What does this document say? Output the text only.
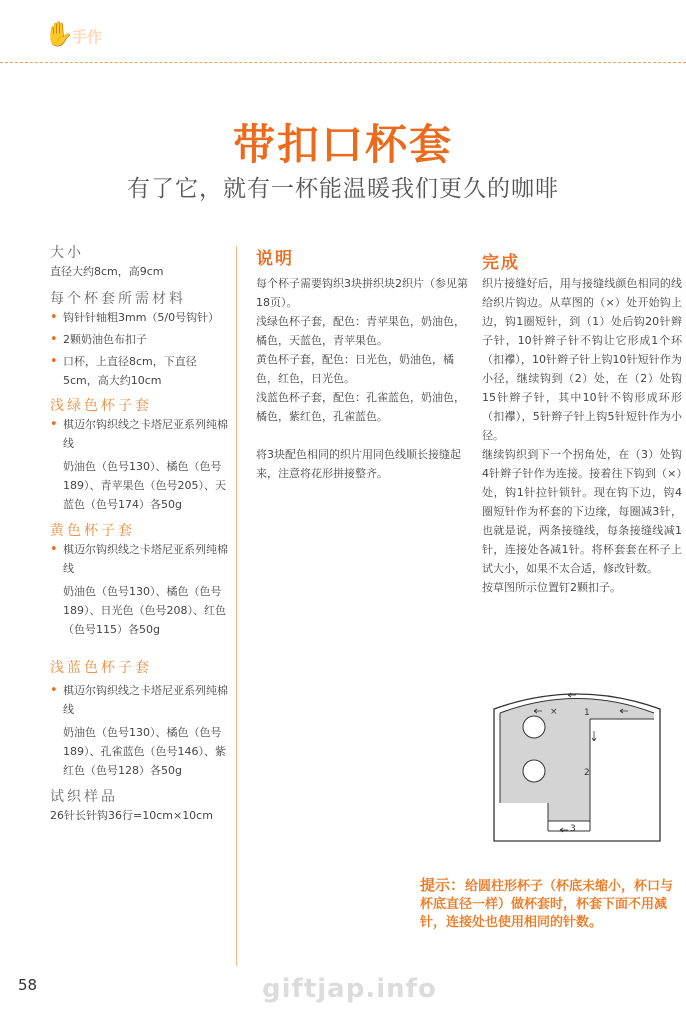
✋
手作
带扣口杯套
有了它，就有一杯能温暖我们更久的咖啡

大小

直径大约8cm，高9cm

每个杯套所需材料

• 钩针针轴粗3mm（5/0号钩针）

• 2颗奶油色布扣子

• 口杯，上直径8cm，下直径5cm，高大约10cm

浅绿色杯子套

• 棋迈尔钩织线之卡塔尼亚系列纯棉线

奶油色（色号130）、橘色（色号189）、青苹果色（色号205）、天蓝色（色号174）各50g

黄色杯子套

• 棋迈尔钩织线之卡塔尼亚系列纯棉线

奶油色（色号130）、橘色（色号189）、日光色（色号208）、红色（色号115）各50g

浅蓝色杯子套

• 棋迈尔钩织线之卡塔尼亚系列纯棉线

奶油色（色号130）、橘色（色号189）、孔雀蓝色（色号146）、紫红色（色号128）各50g

试织样品

26针长针钩36行=10cm×10cm

说明

每个杯子需要钩织3块拼织块2织片（参见第18页）。

浅绿色杯子套，配色：青苹果色，奶油色，橘色，天蓝色，青苹果色。

黄色杯子套，配色：日光色，奶油色，橘色，红色，日光色。

浅蓝色杯子套，配色：孔雀蓝色，奶油色，橘色，紫红色，孔雀蓝色。

将3块配色相同的织片用同色线顺长接缝起来，注意将花形拼接整齐。

完成

织片接缝好后，用与接缝线颜色相同的线给织片钩边。从草图的（×）处开始钩上边，钩1圈短针，到（1）处后钩20针辫子针，10针辫子针不钩让它形成1个环（扣襻），10针辫子针上钩10针短针作为小径，继续钩到（2）处，在（2）处钩15针辫子针，其中10针不钩形成环形（扣襻），5针辫子针上钩5针短针作为小径。

继续钩织到下一个拐角处，在（3）处钩4针辫子针作为连接。接着往下钩到（×）处，钩1针拉针锁针。现在钩下边，钩4圈短针作为杯套的下边缘，每圈减3针，也就是说，两条接缝线，每条接缝线减1针，连接处各减1针。将杯套套在杯子上试大小，如果不太合适，修改针数。

按草图所示位置钉2颗扣子。

×	1
2
3
提示：给圆柱形杯子（杯底未缩小，杯口与杯底直径一样）做杯套时，杯套下面不用减针，连接处也使用相同的针数。
58	giftjap.info
